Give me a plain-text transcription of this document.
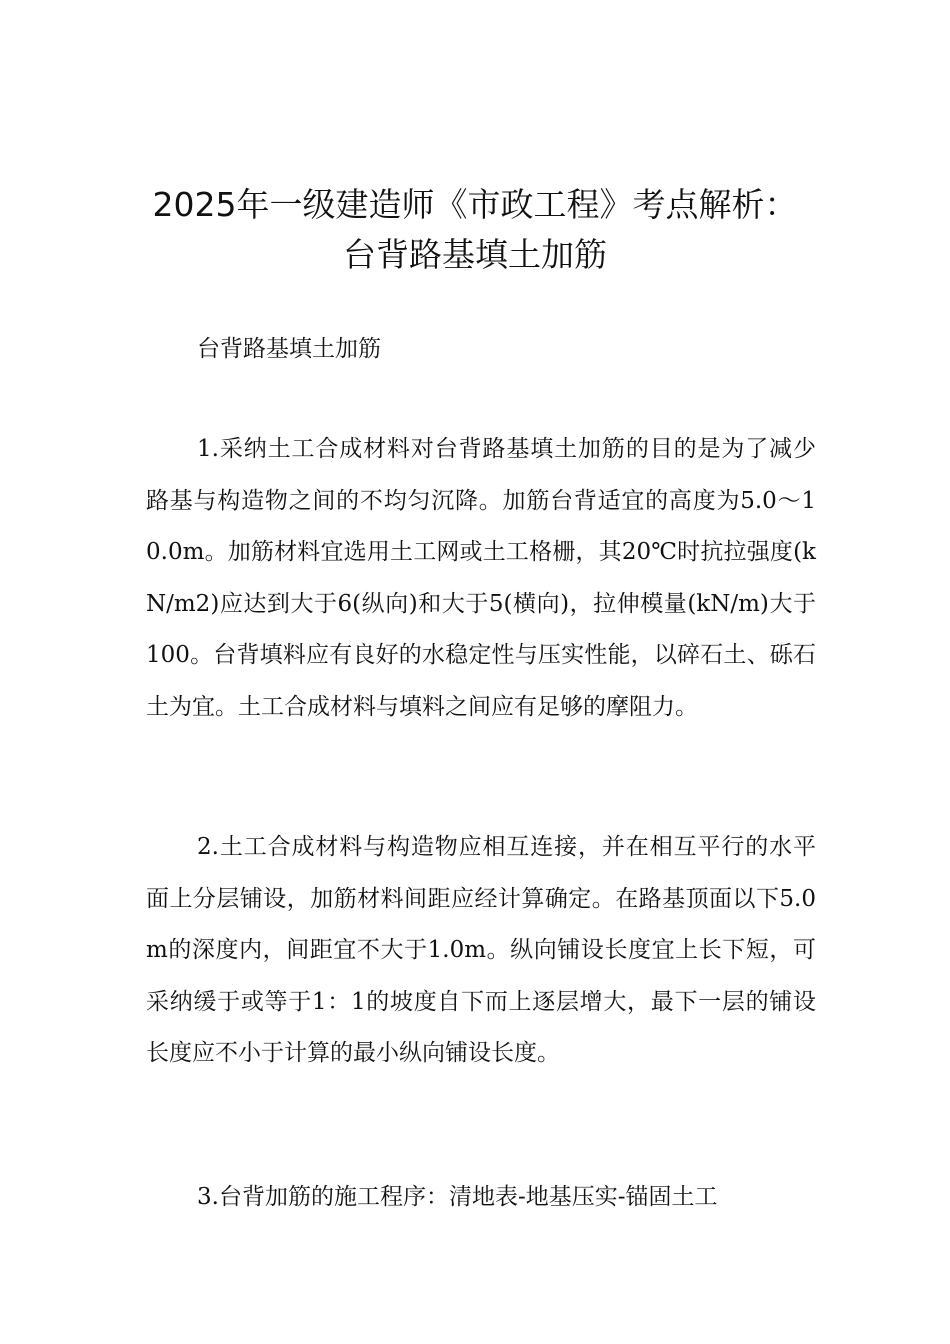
2025年一级建造师《市政工程》考点解析：
台背路基填土加筋
台背路基填土加筋
1.采纳土工合成材料对台背路基填土加筋的目的是为了减少路基与构造物之间的不均匀沉降。加筋台背适宜的高度为5.0～10.0m。加筋材料宜选用土工网或土工格栅，其20℃时抗拉强度(kN/m2)应达到大于6(纵向)和大于5(横向)，拉伸模量(kN/m)大于100。台背填料应有良好的水稳定性与压实性能，以碎石土、砾石土为宜。土工合成材料与填料之间应有足够的摩阻力。
2.土工合成材料与构造物应相互连接，并在相互平行的水平面上分层铺设，加筋材料间距应经计算确定。在路基顶面以下5.0m的深度内，间距宜不大于1.0m。纵向铺设长度宜上长下短，可采纳缓于或等于1：1的坡度自下而上逐层增大，最下一层的铺设长度应不小于计算的最小纵向铺设长度。
3.台背加筋的施工程序：清地表-地基压实-锚固土工
